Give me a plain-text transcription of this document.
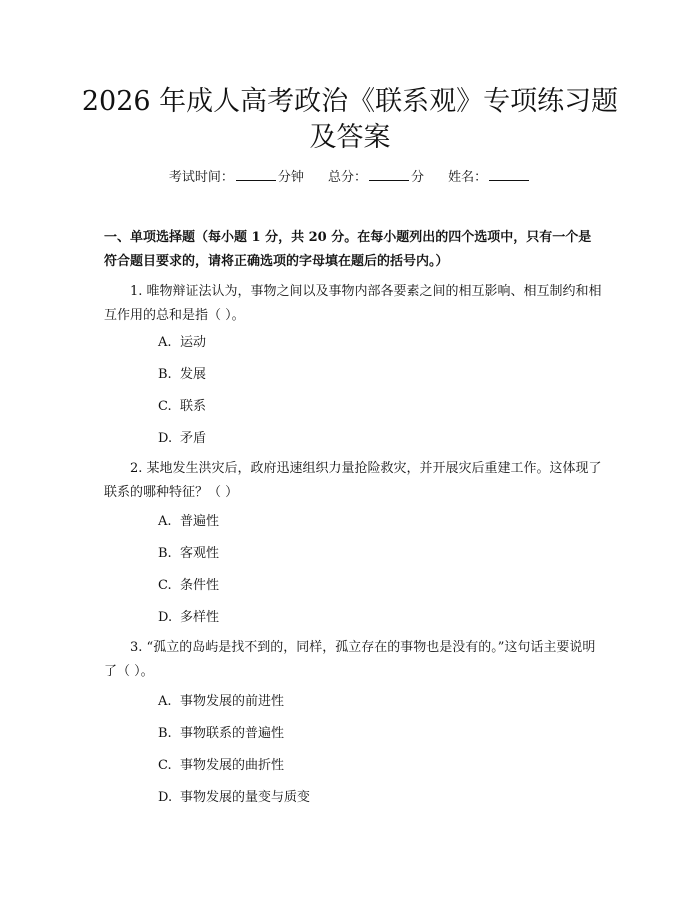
2026 年成人高考政治《联系观》专项练习题
及答案
考试时间：	分钟 总分：	分 姓名：
一、单项选择题（每小题 1 分，共 20 分。在每小题列出的四个选项中，只有一个是符合题目要求的，请将正确选项的字母填在题后的括号内。）
1. 唯物辩证法认为，事物之间以及事物内部各要素之间的相互影响、相互制约和相互作用的总和是指（ ）。
A. 运动
B. 发展
C. 联系
D. 矛盾
2. 某地发生洪灾后，政府迅速组织力量抢险救灾，并开展灾后重建工作。这体现了联系的哪种特征？（ ）
A. 普遍性
B. 客观性
C. 条件性
D. 多样性
3. “孤立的岛屿是找不到的，同样，孤立存在的事物也是没有的。”这句话主要说明了（ ）。
A. 事物发展的前进性
B. 事物联系的普遍性
C. 事物发展的曲折性
D. 事物发展的量变与质变
